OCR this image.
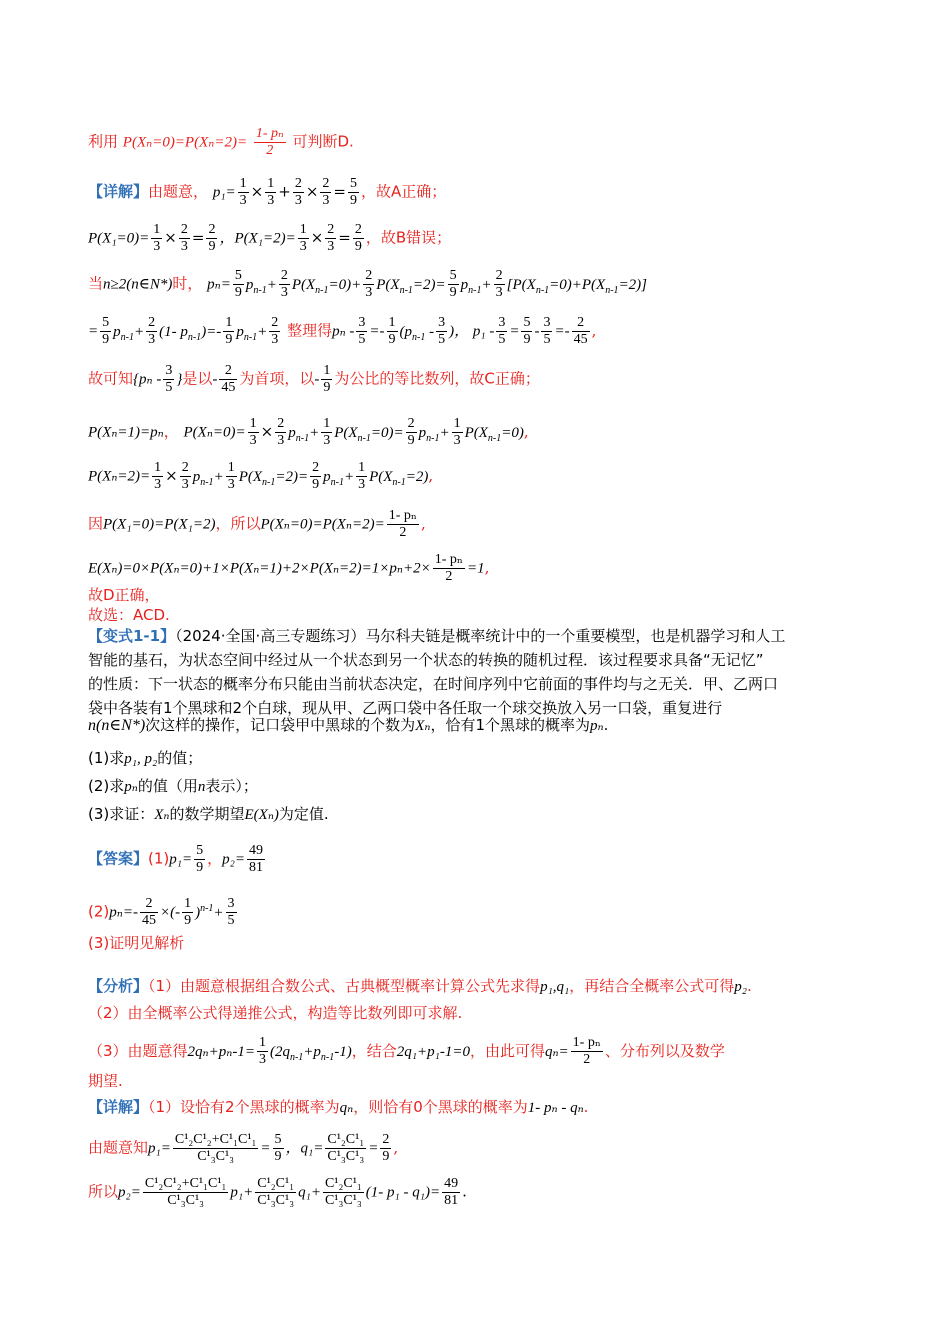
利用 $P(X_n=0)=P(X_n=2)= \frac{\text{1- pₙ}}{2}$ 可判断D.
【详解】由题意， $p_1= \frac{1}{3} \times \frac{1}{3} + \frac{2}{3} \times \frac{2}{3} = \frac{5}{9}$ ，故A正确；
$P(X_1=0)= \frac{1}{3} \times \frac{2}{3} = \frac{2}{9}$ ，$P(X_1=2)= \frac{1}{3} \times \frac{2}{3} = \frac{2}{9}$ ，故B错误；
当n≥2(n∈N*)时， $p_n= \frac{5}{9} p_{n-1}+ \frac{2}{3} P(X_{n-1}=0)+ \frac{2}{3} P(X_{n-1}=2)= \frac{5}{9} p_{n-1}+ \frac{2}{3} [P(X_{n-1}=0)+P(X_{n-1}=2)]$
= $\frac{5}{9} p_{n-1}+ \frac{2}{3} (1-$ $p_{n-1})=- \frac{1}{9} p_{n-1}+ \frac{2}{3}$ 整理得$p_n - \frac{3}{5} =- \frac{1}{9} (p_{n-1} - \frac{3}{5}$ )， $p_1 - \frac{3}{5} = \frac{5}{9} - \frac{3}{5} =- \frac{2}{45}$ ,
故可知{$p_n - \frac{3}{5}$ }是以- $\frac{2}{45}$ 为首项，以- $\frac{1}{9}$ 为公比的等比数列，故C正确；
P(Xₙ=1)=pₙ， $P(X_n=0)= \frac{1}{3} \times \frac{2}{3} p_{n-1}+ \frac{1}{3} P(X_{n-1}=0)= \frac{2}{9} p_{n-1}+ \frac{1}{3} P(X_{n-1}=0)$,
$P(X_n=2)= \frac{1}{3} \times \frac{2}{3} p_{n-1}+ \frac{1}{3} P(X_{n-1}=2)= \frac{2}{9} p_{n-1}+ \frac{1}{3} P(X_{n-1}=2)$,
因P(X₁=0)=P(X₁=2)，所以$P(X_n=0)=P(X_n=2)= \frac{\text{1- pₙ}}{2}$ ,
$E(X_n)=0\times P(X_n=0)+1\times P(X_n=1)+2\times P(X_n=2)=1\times p_n+2\times \frac{\text{1- pₙ}}{2} =1$,
故D正确，
故选：ACD.
【变式1-1】（2024·全国·高三专题练习）马尔科夫链是概率统计中的一个重要模型，也是机器学习和人工
智能的基石，为状态空间中经过从一个状态到另一个状态的转换的随机过程．该过程要求具备“无记忆”
的性质：下一状态的概率分布只能由当前状态决定，在时间序列中它前面的事件均与之无关．甲、乙两口
袋中各装有1个黑球和2个白球，现从甲、乙两口袋中各任取一个球交换放入另一口袋，重复进行
n(n∈N*)次这样的操作，记口袋甲中黑球的个数为Xₙ，恰有1个黑球的概率为pₙ.
(1)求p₁, p₂的值；
(2)求pₙ的值（用n表示）；
(3)求证：Xₙ的数学期望E(Xₙ)为定值.
【答案】$(1)p_1= \frac{5}{9}$ ，$p_2= \frac{49}{81}$
$(2)p_n=- \frac{2}{45}$ ×(- $\frac{1}{9} )^{n-1}+ \frac{3}{5}$
(3)证明见解析
【分析】（1）由题意根据组合数公式、古典概型概率计算公式先求得p₁,q₁，再结合全概率公式可得p₂.
（2）由全概率公式得递推公式，构造等比数列即可求解.
（3）由题意得$2q_n+p_n-1= \frac{1}{3} (2q_{n-1}+p_{n-1}-1)$，结合2q₁+p₁-1=0，由此可得$q_n= \frac{\text{1- pₙ}}{2}$ 、分布列以及数学
期望.
【详解】（1）设恰有2个黑球的概率为qₙ，则恰有0个黑球的概率为1- pₙ - qₙ.
由题意知$p_1= \frac{\text{C¹₂C¹₂+C¹₁C¹₁}}{\text{C¹₃C¹₃}} = \frac{5}{9}$ ，$q_1= \frac{\text{C¹₂C¹₁}}{\text{C¹₃C¹₃}} = \frac{2}{9}$ ,
所以$p_2= \frac{\text{C¹₂C¹₂+C¹₁C¹₁}}{\text{C¹₃C¹₃}} p_1+ \frac{\text{C¹₂C¹₁}}{\text{C¹₃C¹₃}} q_1+ \frac{\text{C¹₂C¹₁}}{\text{C¹₃C¹₃}} (1-$ $p_1 - q_1)= \frac{49}{81}$ .
